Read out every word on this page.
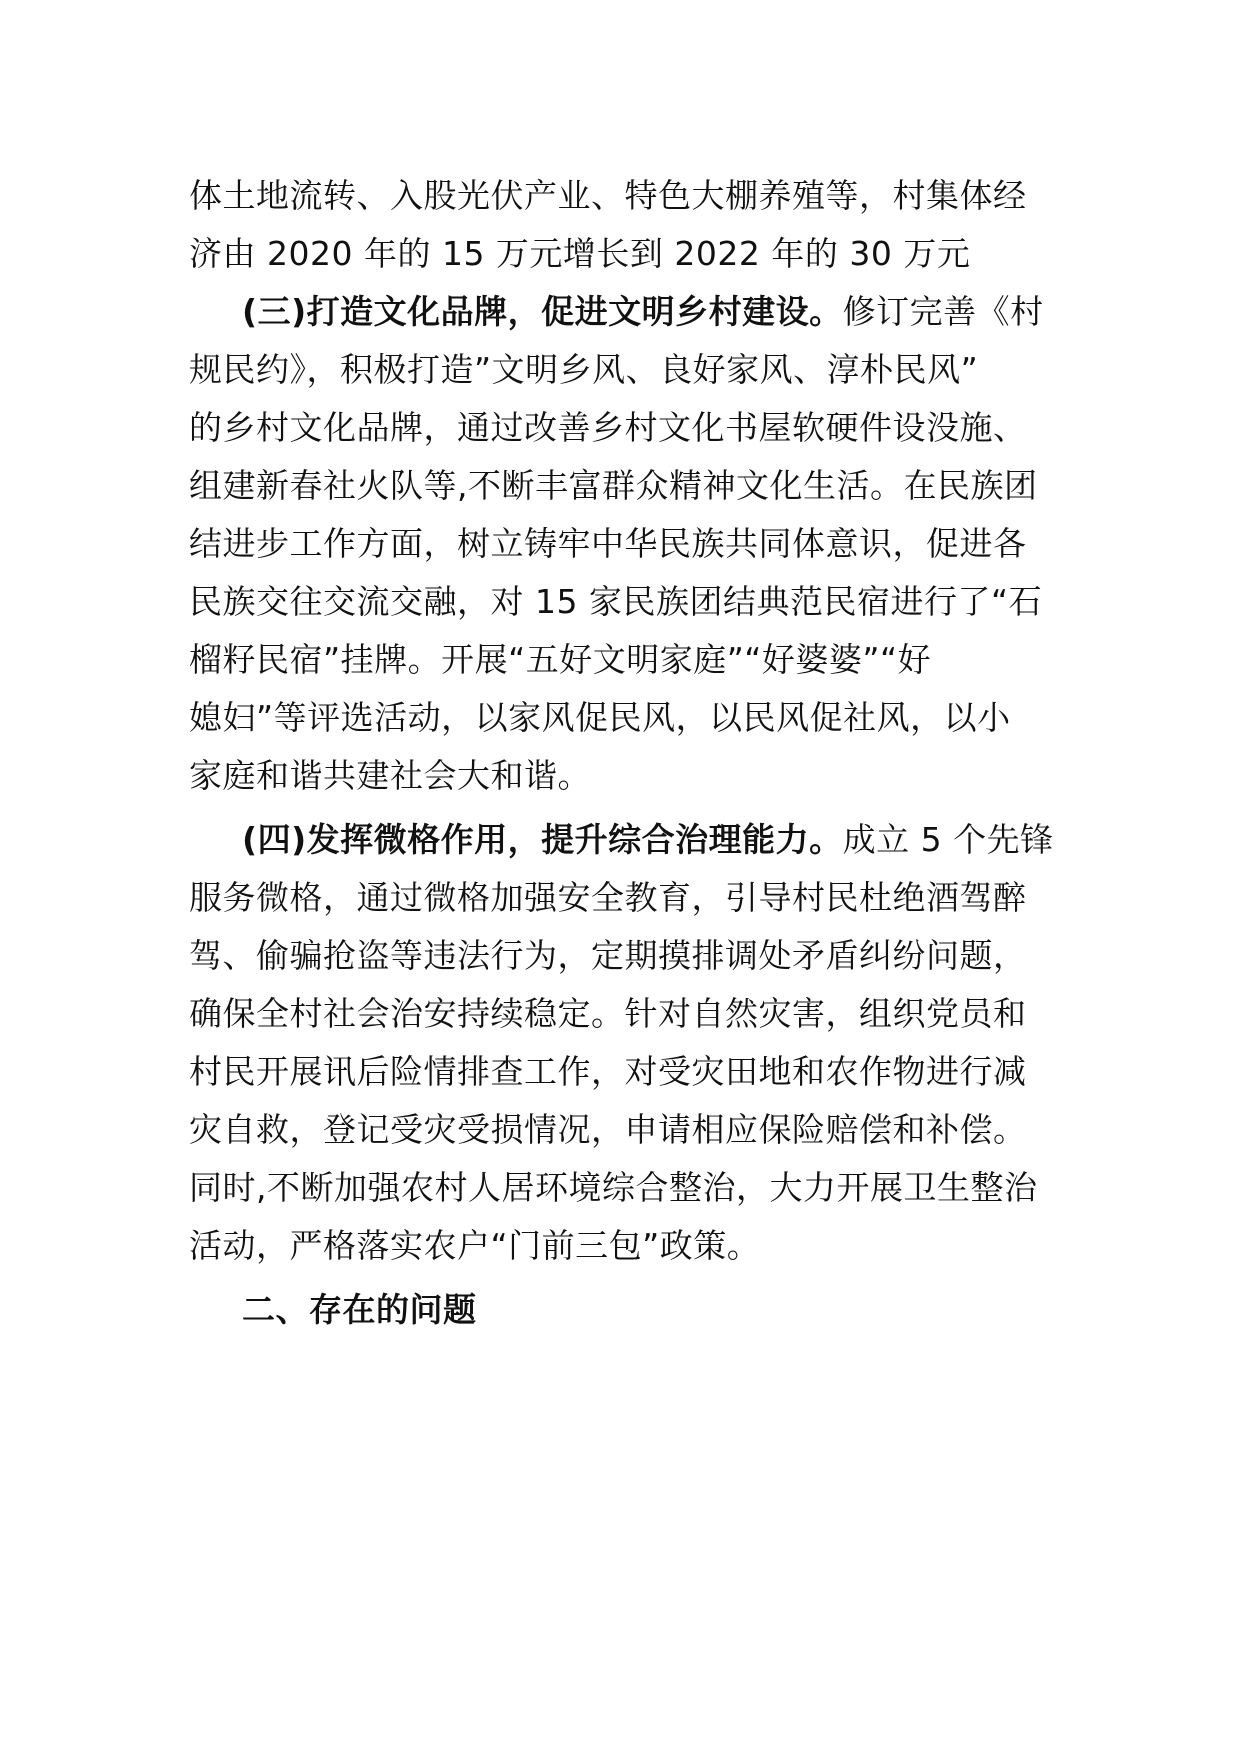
体土地流转、入股光伏产业、特色大棚养殖等，村集体经
济由 2020 年的 15 万元增长到 2022 年的 30 万元
(三)打造文化品牌，促进文明乡村建设。修订完善《村
规民约》，积极打造”文明乡风、良好家风、淳朴民风”
的乡村文化品牌，通过改善乡村文化书屋软硬件设没施、
组建新春社火队等,不断丰富群众精神文化生活。在民族团
结进步工作方面，树立铸牢中华民族共同体意识，促进各
民族交往交流交融，对 15 家民族团结典范民宿进行了“石
榴籽民宿”挂牌。开展“五好文明家庭”“好婆婆”“好
媳妇”等评选活动，以家风促民风，以民风促社风，以小
家庭和谐共建社会大和谐。
(四)发挥微格作用，提升综合治理能力。成立 5 个先锋
服务微格，通过微格加强安全教育，引导村民杜绝酒驾醉
驾、偷骗抢盗等违法行为，定期摸排调处矛盾纠纷问题，
确保全村社会治安持续稳定。针对自然灾害，组织党员和
村民开展讯后险情排查工作，对受灾田地和农作物进行减
灾自救，登记受灾受损情况，申请相应保险赔偿和补偿。
同时,不断加强农村人居环境综合整治，大力开展卫生整治
活动，严格落实农户“门前三包”政策。
二、存在的问题
